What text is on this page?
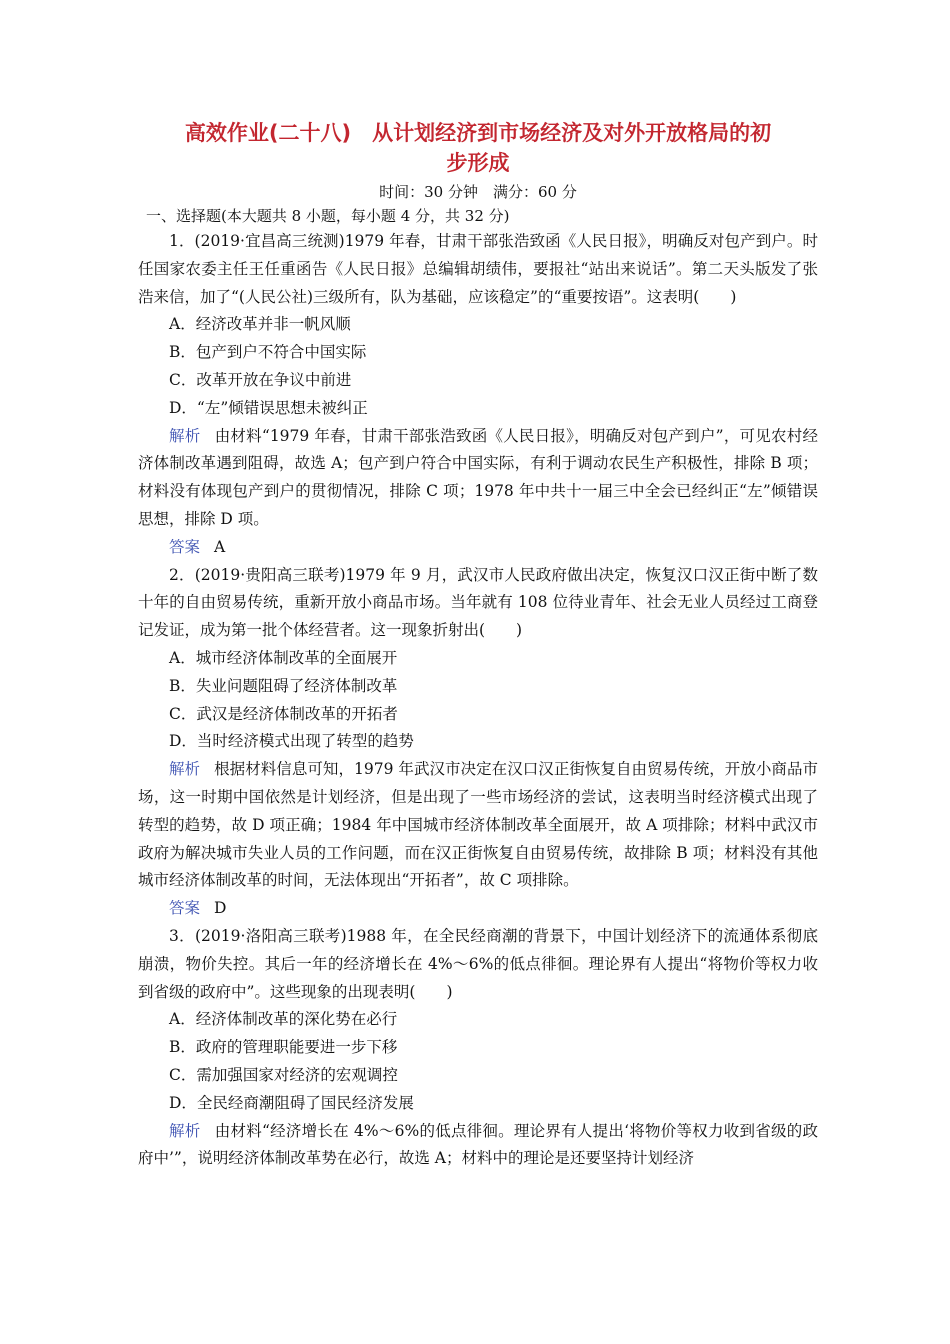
高效作业(二十八)　从计划经济到市场经济及对外开放格局的初
步形成
时间：30 分钟　满分：60 分
一、选择题(本大题共 8 小题，每小题 4 分，共 32 分)

1．(2019·宜昌高三统测)1979 年春，甘肃干部张浩致函《人民日报》，明确反对包产到户。时任国家农委主任王任重函告《人民日报》总编辑胡绩伟，要报社“站出来说话”。第二天头版发了张浩来信，加了“(人民公社)三级所有，队为基础，应该稳定”的“重要按语”。这表明(　　)

A．经济改革并非一帆风顺

B．包产到户不符合中国实际

C．改革开放在争议中前进

D．“左”倾错误思想未被纠正

解析 由材料“1979 年春，甘肃干部张浩致函《人民日报》，明确反对包产到户”，可见农村经济体制改革遇到阻碍，故选 A；包产到户符合中国实际，有利于调动农民生产积极性，排除 B 项；材料没有体现包产到户的贯彻情况，排除 C 项；1978 年中共十一届三中全会已经纠正“左”倾错误思想，排除 D 项。

答案 A

2．(2019·贵阳高三联考)1979 年 9 月，武汉市人民政府做出决定，恢复汉口汉正街中断了数十年的自由贸易传统，重新开放小商品市场。当年就有 108 位待业青年、社会无业人员经过工商登记发证，成为第一批个体经营者。这一现象折射出(　　)

A．城市经济体制改革的全面展开

B．失业问题阻碍了经济体制改革

C．武汉是经济体制改革的开拓者

D．当时经济模式出现了转型的趋势

解析 根据材料信息可知，1979 年武汉市决定在汉口汉正街恢复自由贸易传统，开放小商品市场，这一时期中国依然是计划经济，但是出现了一些市场经济的尝试，这表明当时经济模式出现了转型的趋势，故 D 项正确；1984 年中国城市经济体制改革全面展开，故 A 项排除；材料中武汉市政府为解决城市失业人员的工作问题，而在汉正街恢复自由贸易传统，故排除 B 项；材料没有其他城市经济体制改革的时间，无法体现出“开拓者”，故 C 项排除。

答案 D

3．(2019·洛阳高三联考)1988 年，在全民经商潮的背景下，中国计划经济下的流通体系彻底崩溃，物价失控。其后一年的经济增长在 4%～6%的低点徘徊。理论界有人提出“将物价等权力收到省级的政府中”。这些现象的出现表明(　　)

A．经济体制改革的深化势在必行

B．政府的管理职能要进一步下移

C．需加强国家对经济的宏观调控

D．全民经商潮阻碍了国民经济发展

解析 由材料“经济增长在 4%～6%的低点徘徊。理论界有人提出‘将物价等权力收到省级的政府中’”，说明经济体制改革势在必行，故选 A；材料中的理论是还要坚持计划经济
